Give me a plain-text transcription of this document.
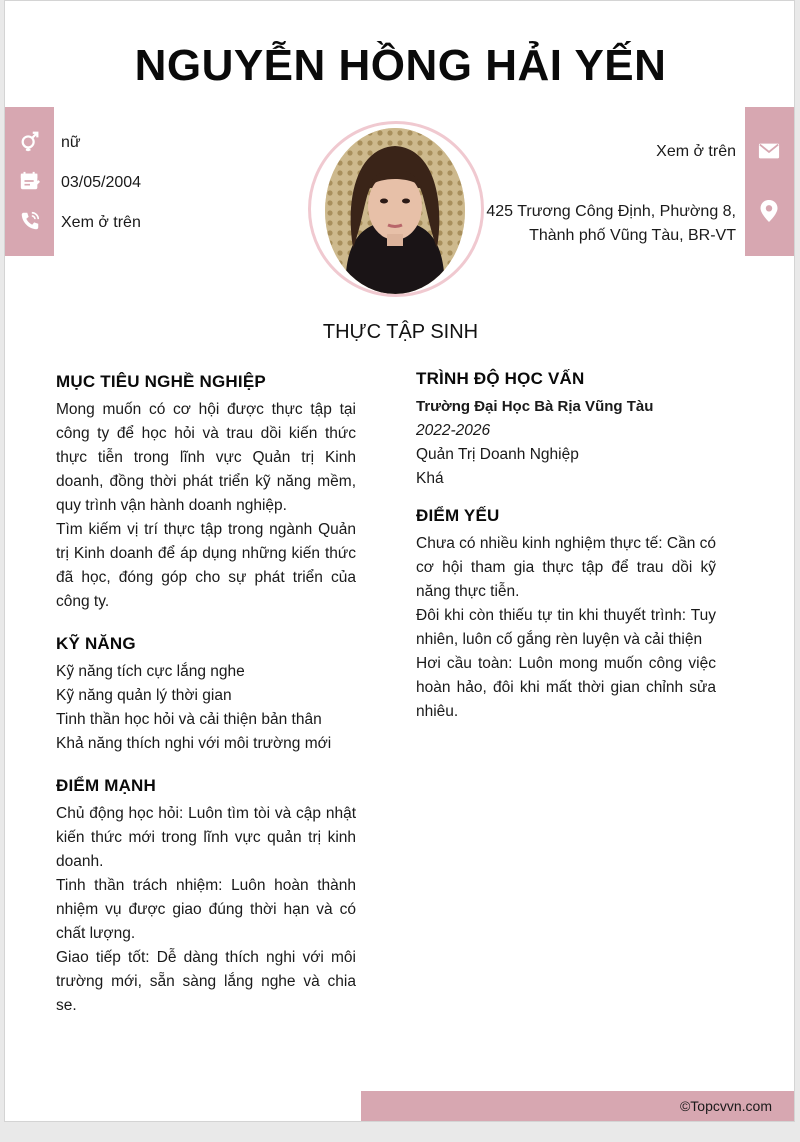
NGUYỄN HỒNG HẢI YẾN
nữ
03/05/2004
Xem ở trên
Xem ở trên
425 Trương Công Định, Phường 8,
Thành phố Vũng Tàu, BR-VT
THỰC TẬP SINH
MỤC TIÊU NGHỀ NGHIỆP

Mong muốn có cơ hội được thực tập tại công ty để học hỏi và trau dồi kiến thức thực tiễn trong lĩnh vực Quản trị Kinh doanh, đồng thời phát triển kỹ năng mềm, quy trình vận hành doanh nghiệp.

Tìm kiếm vị trí thực tập trong ngành Quản trị Kinh doanh để áp dụng những kiến thức đã học, đóng góp cho sự phát triển của công ty.

KỸ NĂNG
Kỹ năng tích cực lắng nghe
Kỹ năng quản lý thời gian
Tinh thần học hỏi và cải thiện bản thân
Khả năng thích nghi với môi trường mới
ĐIỂM MẠNH

Chủ động học hỏi: Luôn tìm tòi và cập nhật kiến thức mới trong lĩnh vực quản trị kinh doanh.

Tinh thần trách nhiệm: Luôn hoàn thành nhiệm vụ được giao đúng thời hạn và có chất lượng.

Giao tiếp tốt: Dễ dàng thích nghi với môi trường mới, sẵn sàng lắng nghe và chia se.

TRÌNH ĐỘ HỌC VẤN
Trường Đại Học Bà Rịa Vũng Tàu
2022-2026
Quản Trị Doanh Nghiệp
Khá
ĐIỂM YẾU

Chưa có nhiều kinh nghiệm thực tế: Cần có cơ hội tham gia thực tập để trau dồi kỹ năng thực tiễn.

Đôi khi còn thiếu tự tin khi thuyết trình: Tuy nhiên, luôn cố gắng rèn luyện và cải thiện

Hơi cầu toàn: Luôn mong muốn công việc hoàn hảo, đôi khi mất thời gian chỉnh sửa nhiêu.

©Topcvvn.com
